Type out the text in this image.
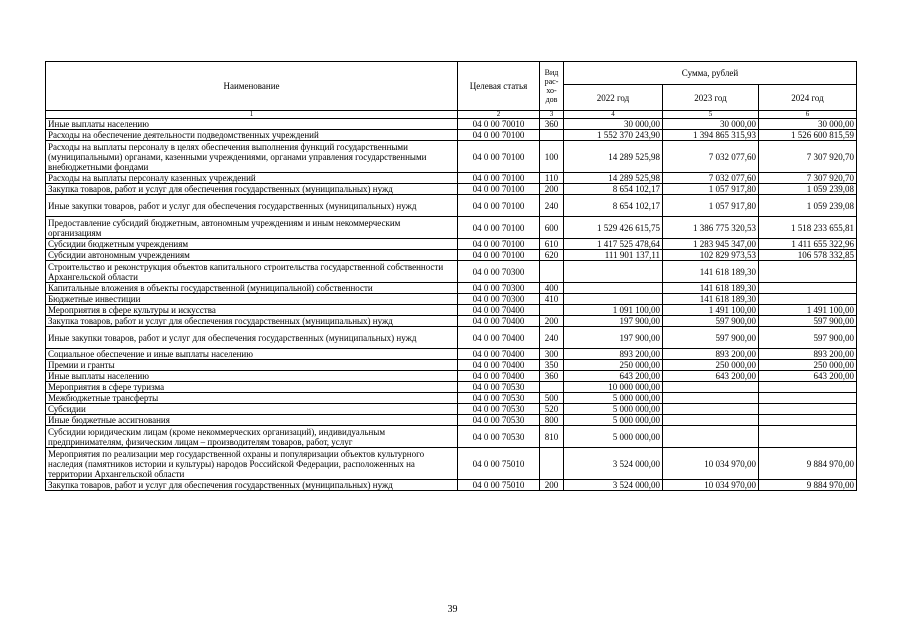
Наименование	Целевая статья	Вид рас-хо-дов	Сумма, рублей		
			2022 год	2023 год	2024 год
1	2	3	4	5	6
Иные выплаты населению	04 0 00 70010	360	30 000,00	30 000,00	30 000,00
Расходы на обеспечение деятельности подведомственных учреждений	04 0 00 70100		1 552 370 243,90	1 394 865 315,93	1 526 600 815,59
Расходы на выплаты персоналу в целях обеспечения выполнения функций государственными (муниципальными) органами, казенными учреждениями, органами управления государственными внебюджетными фондами	04 0 00 70100	100	14 289 525,98	7 032 077,60	7 307 920,70
Расходы на выплаты персоналу казенных учреждений	04 0 00 70100	110	14 289 525,98	7 032 077,60	7 307 920,70
Закупка товаров, работ и услуг для обеспечения государственных (муниципальных) нужд	04 0 00 70100	200	8 654 102,17	1 057 917,80	1 059 239,08
Иные закупки товаров, работ и услуг для обеспечения государственных (муниципальных) нужд	04 0 00 70100	240	8 654 102,17	1 057 917,80	1 059 239,08
Предоставление субсидий бюджетным, автономным учреждениям и иным некоммерческим организациям	04 0 00 70100	600	1 529 426 615,75	1 386 775 320,53	1 518 233 655,81
Субсидии бюджетным учреждениям	04 0 00 70100	610	1 417 525 478,64	1 283 945 347,00	1 411 655 322,96
Субсидии автономным учреждениям	04 0 00 70100	620	111 901 137,11	102 829 973,53	106 578 332,85
Строительство и реконструкция объектов капитального строительства государственной собственности Архангельской области	04 0 00 70300			141 618 189,30	
Капитальные вложения в объекты государственной (муниципальной) собственности	04 0 00 70300	400		141 618 189,30	
Бюджетные инвестиции	04 0 00 70300	410		141 618 189,30	
Мероприятия в сфере культуры и искусства	04 0 00 70400		1 091 100,00	1 491 100,00	1 491 100,00
Закупка товаров, работ и услуг для обеспечения государственных (муниципальных) нужд	04 0 00 70400	200	197 900,00	597 900,00	597 900,00
Иные закупки товаров, работ и услуг для обеспечения государственных (муниципальных) нужд	04 0 00 70400	240	197 900,00	597 900,00	597 900,00
Социальное обеспечение и иные выплаты населению	04 0 00 70400	300	893 200,00	893 200,00	893 200,00
Премии и гранты	04 0 00 70400	350	250 000,00	250 000,00	250 000,00
Иные выплаты населению	04 0 00 70400	360	643 200,00	643 200,00	643 200,00
Мероприятия в сфере туризма	04 0 00 70530		10 000 000,00		
Межбюджетные трансферты	04 0 00 70530	500	5 000 000,00		
Субсидии	04 0 00 70530	520	5 000 000,00		
Иные бюджетные ассигнования	04 0 00 70530	800	5 000 000,00		
Субсидии юридическим лицам (кроме некоммерческих организаций), индивидуальным предпринимателям, физическим лицам – производителям товаров, работ, услуг	04 0 00 70530	810	5 000 000,00		
Мероприятия по реализации мер государственной охраны и популяризации объектов культурного наследия (памятников истории и культуры) народов Российской Федерации, расположенных на территории Архангельской области	04 0 00 75010		3 524 000,00	10 034 970,00	9 884 970,00
Закупка товаров, работ и услуг для обеспечения государственных (муниципальных) нужд	04 0 00 75010	200	3 524 000,00	10 034 970,00	9 884 970,00
39
